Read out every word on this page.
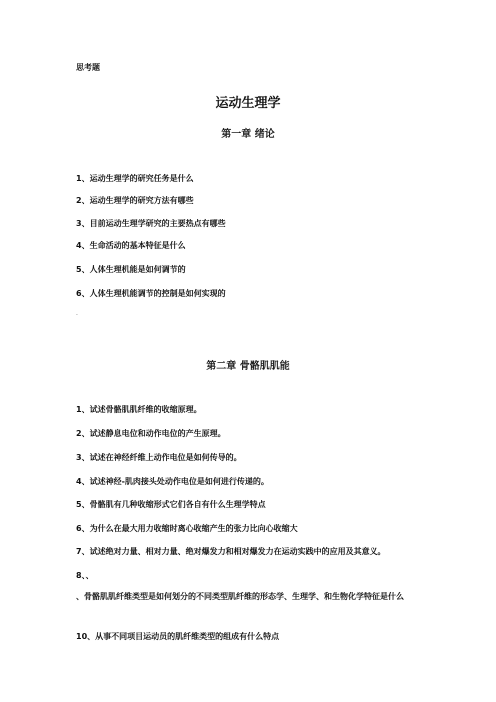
思考题
运动生理学
第一章 绪论
1、运动生理学的研究任务是什么
2、运动生理学的研究方法有哪些
3、目前运动生理学研究的主要热点有哪些
4、生命活动的基本特征是什么
5、人体生理机能是如何调节的
6、人体生理机能调节的控制是如何实现的
·
第二章 骨骼肌肌能
1、试述骨骼肌肌纤维的收缩原理。
2、试述静息电位和动作电位的产生原理。
3、试述在神经纤维上动作电位是如何传导的。
4、试述神经-肌肉接头处动作电位是如何进行传递的。
5、骨骼肌有几种收缩形式它们各自有什么生理学特点
6、为什么在最大用力收缩时离心收缩产生的张力比向心收缩大
7、试述绝对力量、相对力量、绝对爆发力和相对爆发力在运动实践中的应用及其意义。
8、、
、骨骼肌肌纤维类型是如何划分的不同类型肌纤维的形态学、生理学、和生物化学特征是什么
10、从事不同项目运动员的肌纤维类型的组成有什么特点
